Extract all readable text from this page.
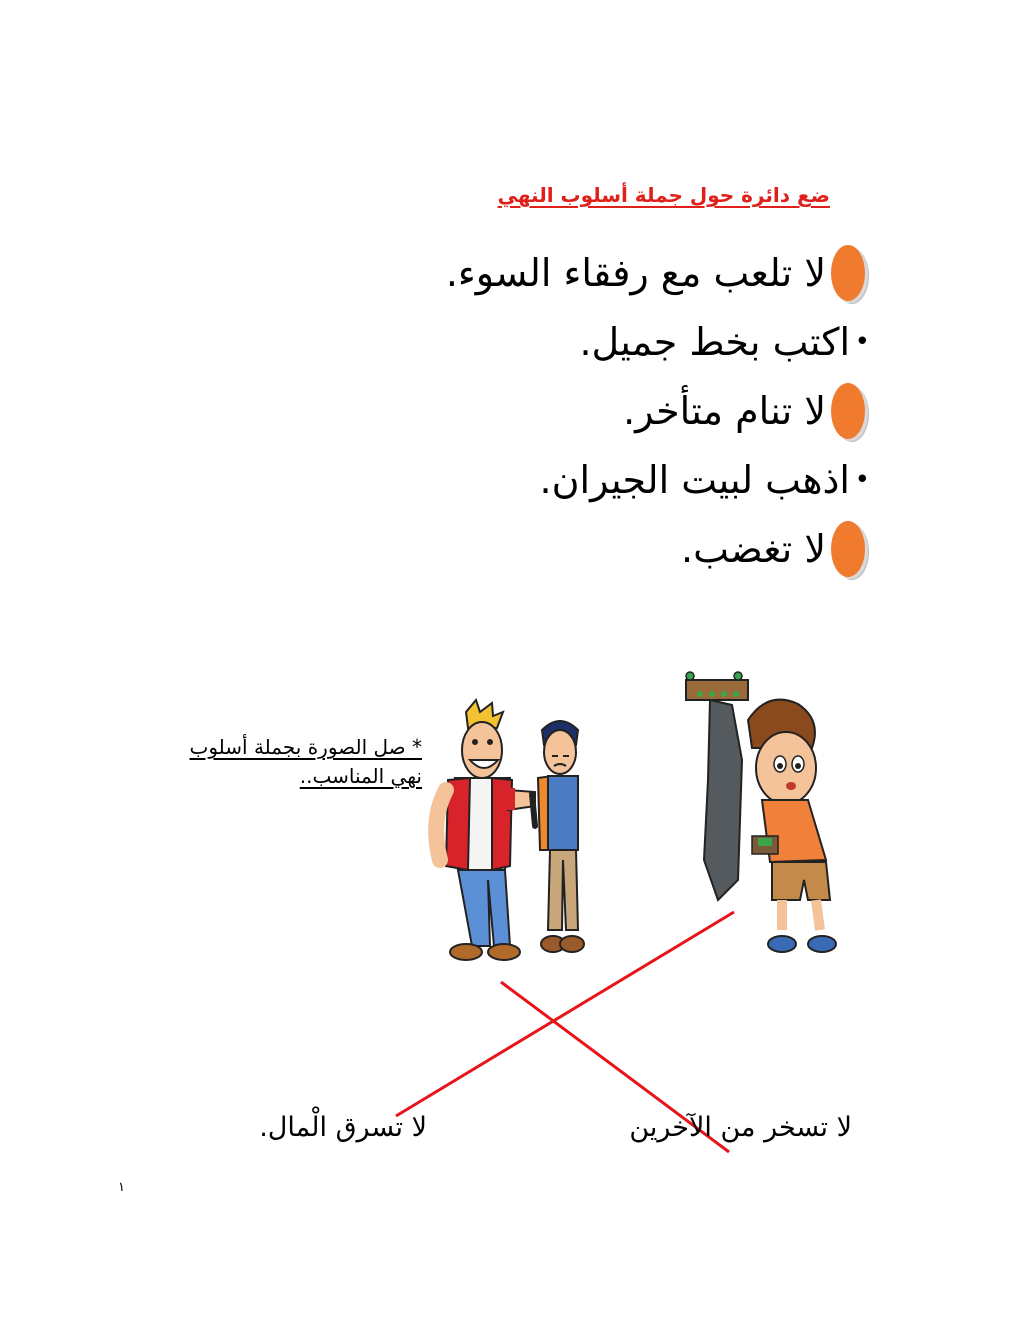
ضع دائرة حول جملة أسلوب النهي
لا تلعب مع رفقاء السوء.
•
اكتب بخط جميل.
لا تنام متأخر.
•
اذهب لبيت الجيران.
لا تغضب.
* صل الصورة بجملة أسلوب نهي المناسب..
لا تسخر من الآخرين
لا تسرق الْمال.
١
